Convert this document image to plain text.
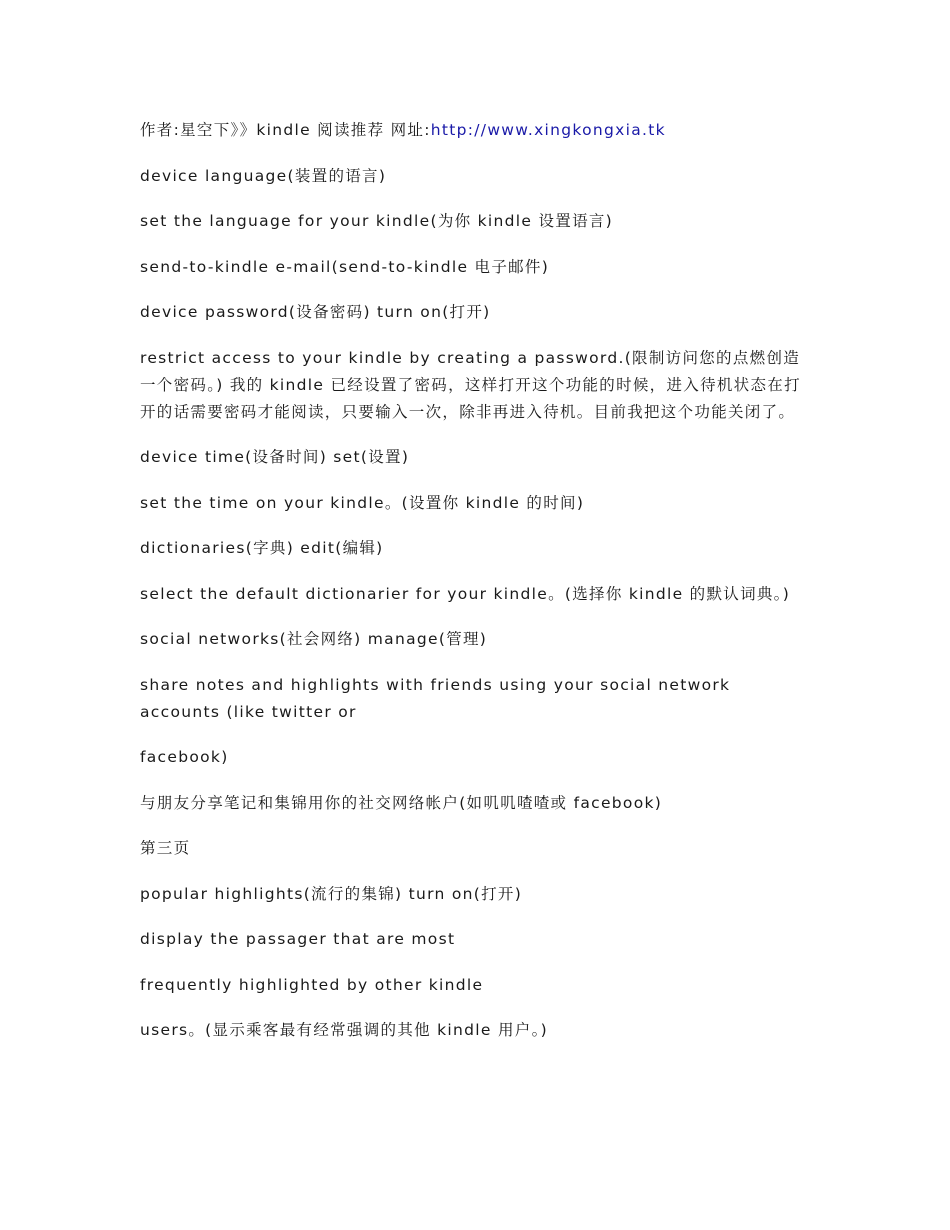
作者:星空下》》kindle 阅读推荐 网址:http://www.xingkongxia.tk

device language(装置的语言)

set the language for your kindle(为你 kindle 设置语言)

send-to-kindle e-mail(send-to-kindle 电子邮件)

device password(设备密码) turn on(打开)

restrict access to your kindle by creating a password.(限制访问您的点燃创造一个密码。) 我的 kindle 已经设置了密码，这样打开这个功能的时候，进入待机状态在打开的话需要密码才能阅读，只要输入一次，除非再进入待机。目前我把这个功能关闭了。

device time(设备时间) set(设置)

set the time on your kindle。(设置你 kindle 的时间)

dictionaries(字典) edit(编辑)

select the default dictionarier for your kindle。(选择你 kindle 的默认词典。)

social networks(社会网络) manage(管理)

share notes and highlights with friends using your social network accounts (like twitter or

facebook)

与朋友分享笔记和集锦用你的社交网络帐户(如叽叽喳喳或 facebook)

第三页

popular highlights(流行的集锦) turn on(打开)

display the passager that are most

frequently highlighted by other kindle

users。(显示乘客最有经常强调的其他 kindle 用户。)
